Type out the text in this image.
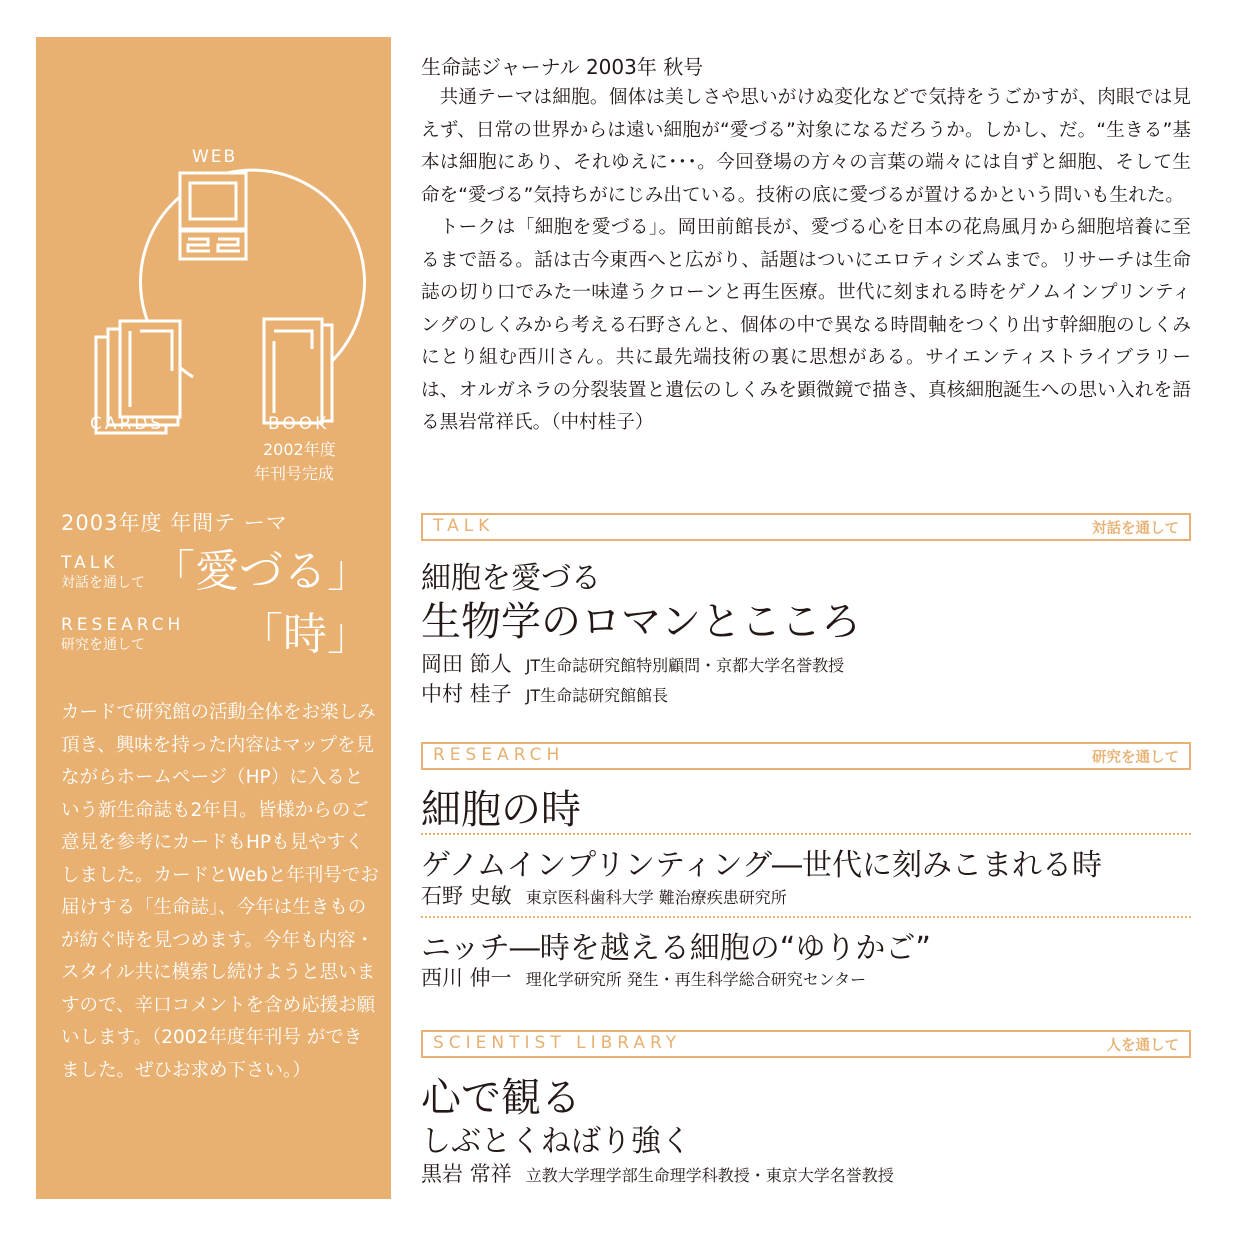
WEB
CARDS	BOOK
2002年度
年刊号完成
2003年度 年間テ ーマ
TALK
対話を通して 「愛づる」
RESEARCH
研究を通して	「時」
カードで研究館の活動全体をお楽しみ頂き、興味を持った内容はマップを見ながらホームページ（HP）に入るという新生命誌も2年目。皆様からのご意見を参考にカードもHPも見やすくしました。カードとWebと年刊号でお届けする「生命誌」、今年は生きものが紡ぐ時を見つめます。今年も内容・スタイル共に模索し続けようと思いますので、辛口コメントを含め応援お願いします。（2002年度年刊号 ができました。ぜひお求め下さい。）
生命誌ジャーナル 2003年 秋号

共通テーマは細胞。個体は美しさや思いがけぬ変化などで気持をうごかすが、肉眼では見えず、日常の世界からは遠い細胞が“愛づる”対象になるだろうか。しかし、だ。“生きる”基本は細胞にあり、それゆえに･･･。今回登場の方々の言葉の端々には自ずと細胞、そして生命を“愛づる”気持ちがにじみ出ている。技術の底に愛づるが置けるかという問いも生れた。

トークは「細胞を愛づる」。岡田前館長が、愛づる心を日本の花鳥風月から細胞培養に至るまで語る。話は古今東西へと広がり、話題はついにエロティシズムまで。リサーチは生命誌の切り口でみた一味違うクローンと再生医療。世代に刻まれる時をゲノムインプリンティングのしくみから考える石野さんと、個体の中で異なる時間軸をつくり出す幹細胞のしくみにとり組む西川さん。共に最先端技術の裏に思想がある。サイエンティストライブラリーは、オルガネラの分裂装置と遺伝のしくみを顕微鏡で描き、真核細胞誕生への思い入れを語る黒岩常祥氏。（中村桂子）

TALK	対話を通して
細胞を愛づる
生物学のロマンとこころ
岡田 節人 JT生命誌研究館特別顧問・京都大学名誉教授
中村 桂子 JT生命誌研究館館長
RESEARCH	研究を通して
細胞の時
ゲノムインプリンティング―世代に刻みこまれる時
石野 史敏 東京医科歯科大学 難治療疾患研究所
ニッチ―時を越える細胞の“ゆりかご”
西川 伸一 理化学研究所 発生・再生科学総合研究センター
SCIENTIST LIBRARY	人を通して
心で観る
しぶとくねばり強く
黒岩 常祥 立教大学理学部生命理学科教授・東京大学名誉教授
